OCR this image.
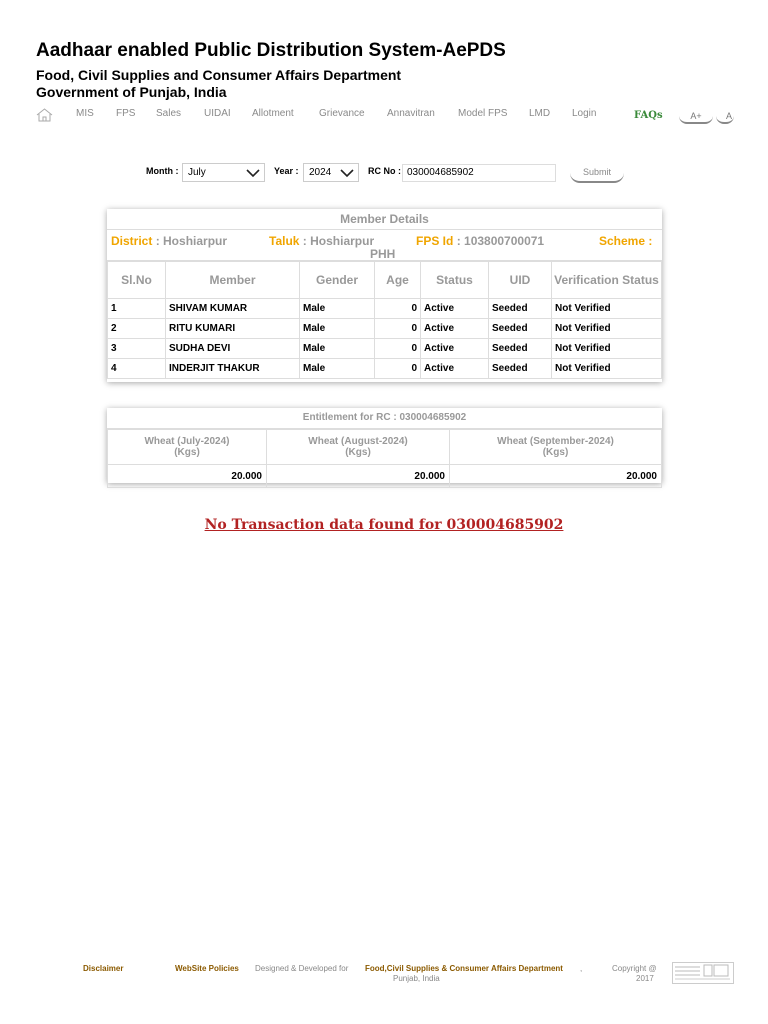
Aadhaar enabled Public Distribution System-AePDS
Food, Civil Supplies and Consumer Affairs Department
Government of Punjab, India
MIS FPS Sales UIDAI Allotment	Grievance Annavitran Model FPS LMD Login	FAQs	A+	A
Month : July	Year :	2024	RC No : 030004685902	Submit
Member Details
District : Hoshiarpur	Taluk : Hoshiarpur	FPS Id : 103800700071	Scheme :
PHH
Sl.No	Member	Gender	Age	Status	UID	Verification Status
1	SHIVAM KUMAR	Male	0	Active	Seeded	Not Verified
2	RITU KUMARI	Male	0	Active	Seeded	Not Verified
3	SUDHA DEVI	Male	0	Active	Seeded	Not Verified
4	INDERJIT THAKUR	Male	0	Active	Seeded	Not Verified
Entitlement for RC : 030004685902
Wheat (July-2024)
(Kgs)	Wheat (August-2024)
(Kgs)	Wheat (September-2024)
(Kgs)
20.000	20.000	20.000
No Transaction data found for 030004685902
Disclaimer	WebSite Policies Designed & Developed for Food,Civil Supplies & Consumer Affairs Department ,
Punjab, India
Copyright @
2017
